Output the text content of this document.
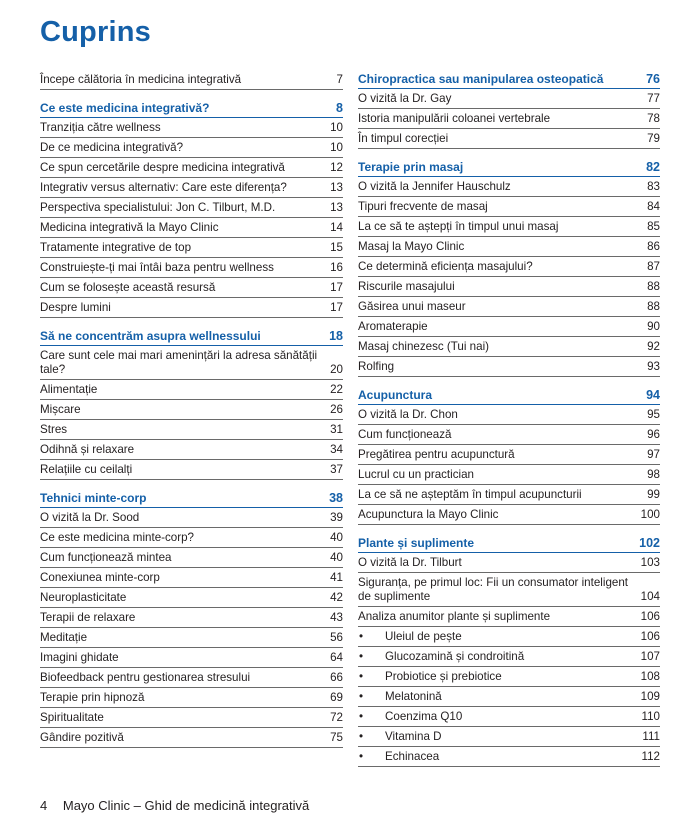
Cuprins
Începe călătoria în medicina integrativă	7
Ce este medicina integrativă?	8
Tranziția către wellness	10
De ce medicina integrativă?	10
Ce spun cercetările despre medicina integrativă	12
Integrativ versus alternativ: Care este diferența?	13
Perspectiva specialistului: Jon C. Tilburt, M.D.	13
Medicina integrativă la Mayo Clinic	14
Tratamente integrative de top	15
Construiește-ți mai întâi baza pentru wellness	16
Cum se folosește această resursă	17
Despre lumini	17
Să ne concentrăm asupra wellnessului	18
Care sunt cele mai mari amenințări la adresa sănătății tale?	20
Alimentație	22
Mișcare	26
Stres	31
Odihnă și relaxare	34
Relațiile cu ceilalți	37
Tehnici minte-corp	38
O vizită la Dr. Sood	39
Ce este medicina minte-corp?	40
Cum funcționează mintea	40
Conexiunea minte-corp	41
Neuroplasticitate	42
Terapii de relaxare	43
Meditație	56
Imagini ghidate	64
Biofeedback pentru gestionarea stresului	66
Terapie prin hipnoză	69
Spiritualitate	72
Gândire pozitivă	75
Chiropractica sau manipularea osteopatică	76
O vizită la Dr. Gay	77
Istoria manipulării coloanei vertebrale	78
În timpul corecției	79
Terapie prin masaj	82
O vizită la Jennifer Hauschulz	83
Tipuri frecvente de masaj	84
La ce să te aștepți în timpul unui masaj	85
Masaj la Mayo Clinic	86
Ce determină eficiența masajului?	87
Riscurile masajului	88
Găsirea unui maseur	88
Aromaterapie	90
Masaj chinezesc (Tui nai)	92
Rolfing	93
Acupunctura	94
O vizită la Dr. Chon	95
Cum funcționează	96
Pregătirea pentru acupunctură	97
Lucrul cu un practician	98
La ce să ne așteptăm în timpul acupuncturii	99
Acupunctura la Mayo Clinic	100
Plante și suplimente	102
O vizită la Dr. Tilburt	103
Siguranța, pe primul loc: Fii un consumator inteligent de suplimente	104
Analiza anumitor plante și suplimente	106
•	Uleiul de pește	106
•	Glucozamină și condroitină	107
•	Probiotice și prebiotice	108
•	Melatonină	109
•	Coenzima Q10	110
•	Vitamina D	111
•	Echinacea	112
4 Mayo Clinic – Ghid de medicină integrativă
